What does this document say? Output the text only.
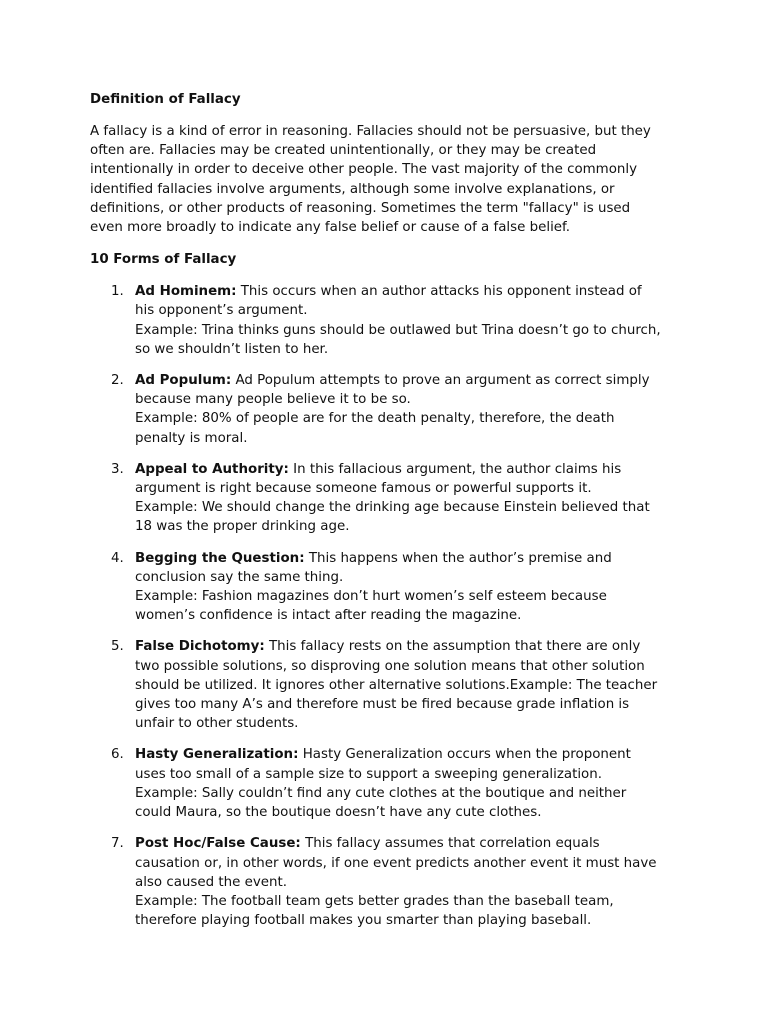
Definition of Fallacy
A fallacy is a kind of error in reasoning. Fallacies should not be persuasive, but they
often are. Fallacies may be created unintentionally, or they may be created
intentionally in order to deceive other people. The vast majority of the commonly
identified fallacies involve arguments, although some involve explanations, or
definitions, or other products of reasoning. Sometimes the term "fallacy" is used
even more broadly to indicate any false belief or cause of a false belief.
10 Forms of Fallacy
1. Ad Hominem: This occurs when an author attacks his opponent instead of
his opponent’s argument.
Example: Trina thinks guns should be outlawed but Trina doesn’t go to church,
so we shouldn’t listen to her.
2. Ad Populum: Ad Populum attempts to prove an argument as correct simply
because many people believe it to be so.
Example: 80% of people are for the death penalty, therefore, the death
penalty is moral.
3. Appeal to Authority: In this fallacious argument, the author claims his
argument is right because someone famous or powerful supports it.
Example: We should change the drinking age because Einstein believed that
18 was the proper drinking age.
4. Begging the Question: This happens when the author’s premise and
conclusion say the same thing.
Example: Fashion magazines don’t hurt women’s self esteem because
women’s confidence is intact after reading the magazine.
5. False Dichotomy: This fallacy rests on the assumption that there are only
two possible solutions, so disproving one solution means that other solution
should be utilized. It ignores other alternative solutions.Example: The teacher
gives too many A’s and therefore must be fired because grade inflation is
unfair to other students.
6. Hasty Generalization: Hasty Generalization occurs when the proponent
uses too small of a sample size to support a sweeping generalization.
Example: Sally couldn’t find any cute clothes at the boutique and neither
could Maura, so the boutique doesn’t have any cute clothes.
7. Post Hoc/False Cause: This fallacy assumes that correlation equals
causation or, in other words, if one event predicts another event it must have
also caused the event.
Example: The football team gets better grades than the baseball team,
therefore playing football makes you smarter than playing baseball.
